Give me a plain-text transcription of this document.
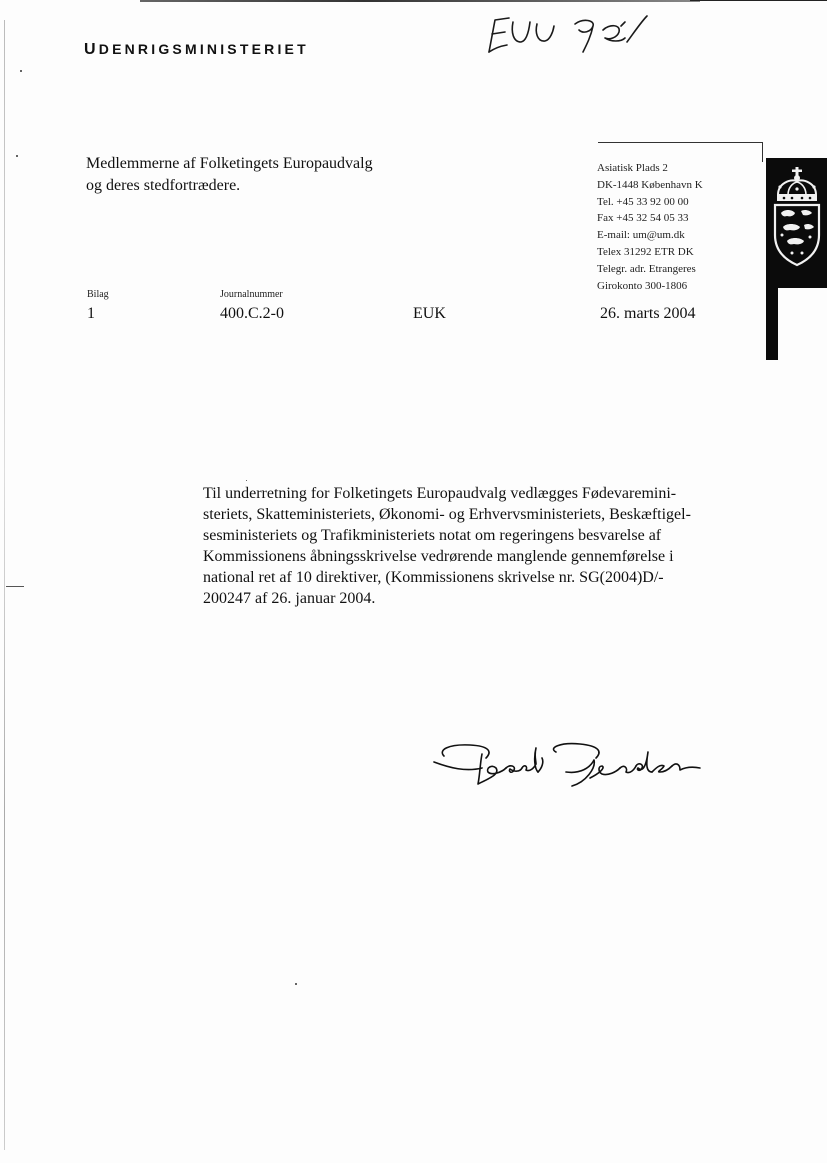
UDENRIGSMINISTERIET
Medlemmerne af Folketingets Europaudvalg
og deres stedfortrædere.
Asiatisk Plads 2
DK-1448 København K
Tel. +45 33 92 00 00
Fax +45 32 54 05 33
E-mail: um@um.dk
Telex 31292 ETR DK
Telegr. adr. Etrangeres
Girokonto 300-1806
Bilag	Journalnummer
1	400.C.2-0	EUK	26. marts 2004
Til underretning for Folketingets Europaudvalg vedlægges Fødevaremini-
steriets, Skatteministeriets, Økonomi- og Erhvervsministeriets, Beskæftigel-
sesministeriets og Trafikministeriets notat om regeringens besvarelse af
Kommissionens åbningsskrivelse vedrørende manglende gennemførelse i
national ret af 10 direktiver, (Kommissionens skrivelse nr. SG(2004)D/-
200247 af 26. januar 2004.
